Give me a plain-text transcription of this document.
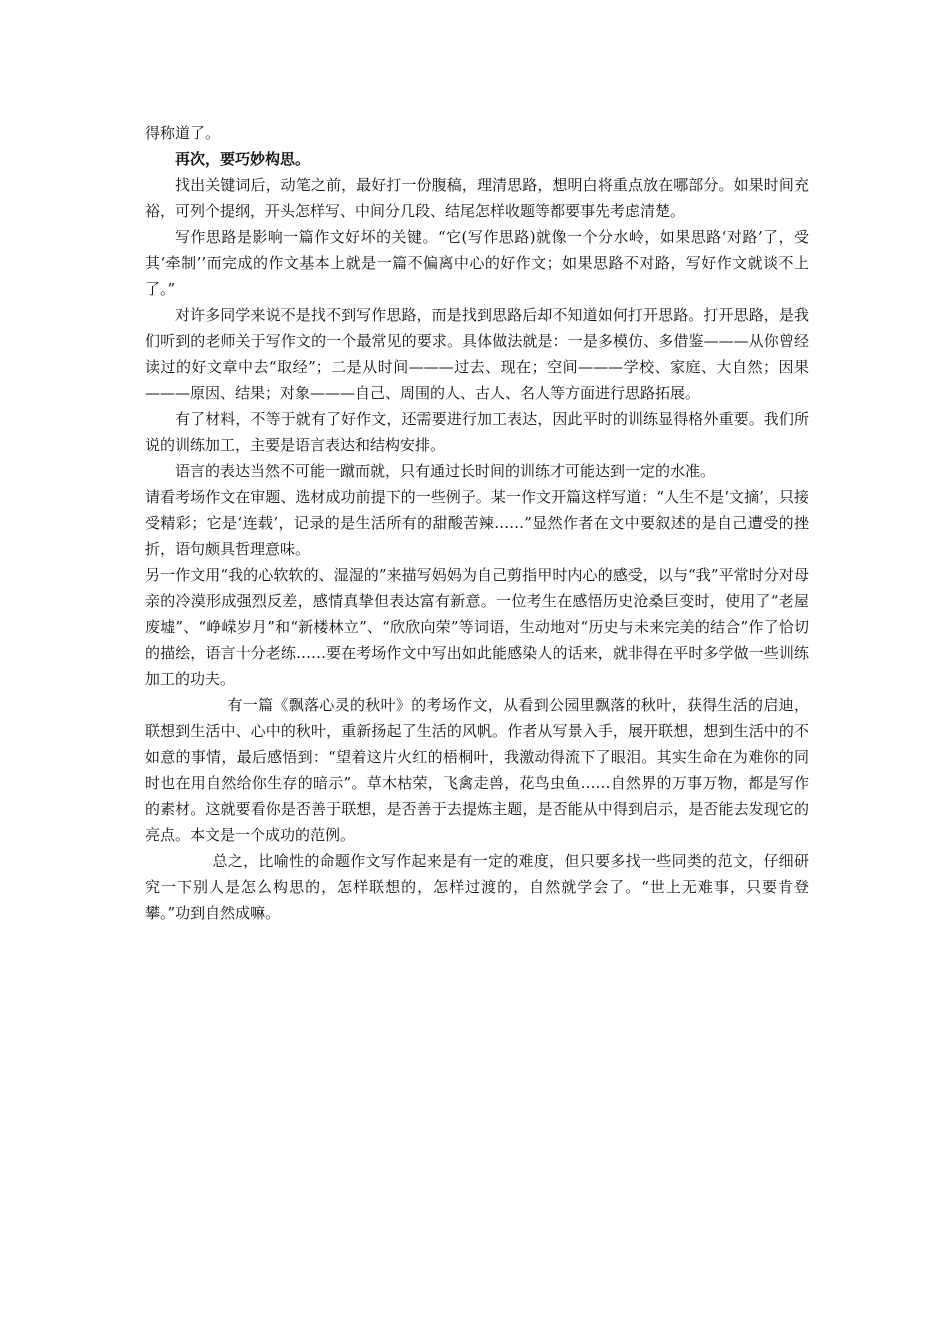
得称道了。

再次，要巧妙构思。

找出关键词后，动笔之前，最好打一份腹稿，理清思路，想明白将重点放在哪部分。如果时间充裕，可列个提纲，开头怎样写、中间分几段、结尾怎样收题等都要事先考虑清楚。

写作思路是影响一篇作文好坏的关键。“它(写作思路)就像一个分水岭，如果思路‘对路’了，受其‘牵制’’而完成的作文基本上就是一篇不偏离中心的好作文；如果思路不对路，写好作文就谈不上了。”

对许多同学来说不是找不到写作思路，而是找到思路后却不知道如何打开思路。打开思路，是我们听到的老师关于写作文的一个最常见的要求。具体做法就是：一是多模仿、多借鉴———从你曾经读过的好文章中去“取经”；二是从时间———过去、现在；空间———学校、家庭、大自然；因果———原因、结果；对象———自己、周围的人、古人、名人等方面进行思路拓展。

有了材料，不等于就有了好作文，还需要进行加工表达，因此平时的训练显得格外重要。我们所说的训练加工，主要是语言表达和结构安排。

语言的表达当然不可能一蹴而就，只有通过长时间的训练才可能达到一定的水准。

请看考场作文在审题、选材成功前提下的一些例子。某一作文开篇这样写道：“人生不是‘文摘’，只接受精彩；它是‘连载’，记录的是生活所有的甜酸苦辣……”显然作者在文中要叙述的是自己遭受的挫折，语句颇具哲理意味。

另一作文用“我的心软软的、湿湿的”来描写妈妈为自己剪指甲时内心的感受，以与“我”平常时分对母亲的冷漠形成强烈反差，感情真挚但表达富有新意。一位考生在感悟历史沧桑巨变时，使用了“老屋废墟”、“峥嵘岁月”和“新楼林立”、“欣欣向荣”等词语，生动地对“历史与未来完美的结合”作了恰切的描绘，语言十分老练……要在考场作文中写出如此能感染人的话来，就非得在平时多学做一些训练加工的功夫。

有一篇《飘落心灵的秋叶》的考场作文，从看到公园里飘落的秋叶，获得生活的启迪，联想到生活中、心中的秋叶，重新扬起了生活的风帆。作者从写景入手，展开联想，想到生活中的不如意的事情，最后感悟到：“望着这片火红的梧桐叶，我激动得流下了眼泪。其实生命在为难你的同时也在用自然给你生存的暗示”。草木枯荣，飞禽走兽，花鸟虫鱼……自然界的万事万物，都是写作的素材。这就要看你是否善于联想，是否善于去提炼主题，是否能从中得到启示，是否能去发现它的亮点。本文是一个成功的范例。

总之，比喻性的命题作文写作起来是有一定的难度，但只要多找一些同类的范文，仔细研究一下别人是怎么构思的，怎样联想的，怎样过渡的，自然就学会了。“世上无难事，只要肯登攀。”功到自然成嘛。
